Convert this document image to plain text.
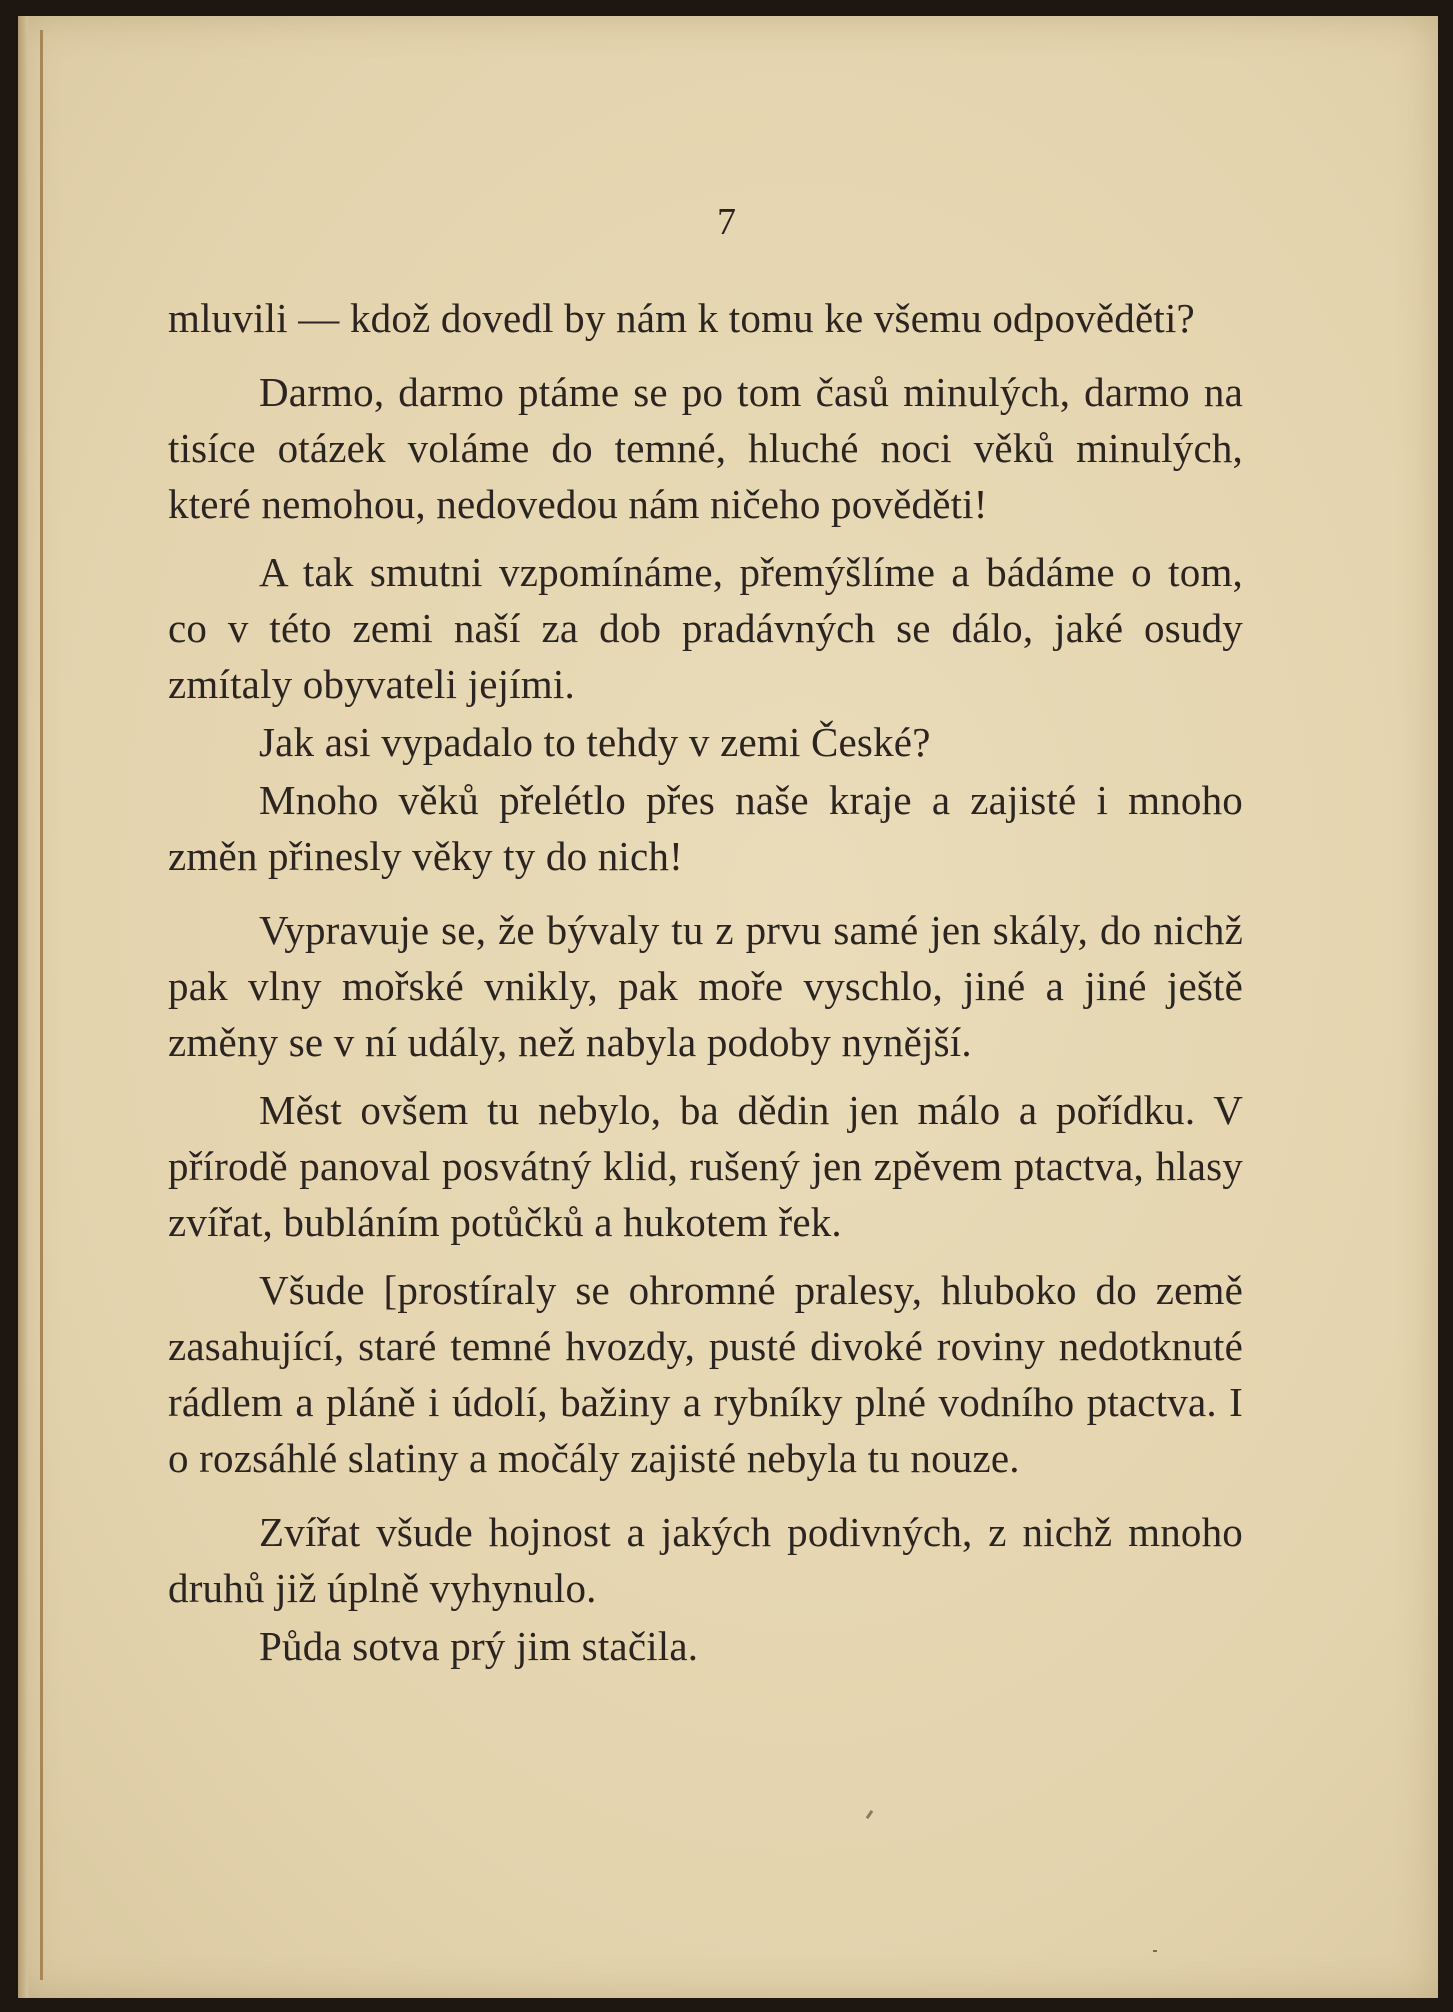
7

mluvili — kdož dovedl by nám k tomu ke všemu odpověděti?

Darmo, darmo ptáme se po tom časů minulých, darmo na tisíce otázek voláme do temné, hluché noci věků minulých, které nemohou, nedovedou nám ničeho pověděti!

A tak smutni vzpomínáme, přemýšlíme a bádáme o tom, co v této zemi naší za dob pradávných se dálo, jaké osudy zmítaly obyvateli jejími.

Jak asi vypadalo to tehdy v zemi České?

Mnoho věků přelétlo přes naše kraje a zajisté i mnoho změn přinesly věky ty do nich!

Vypravuje se, že bývaly tu z prvu samé jen skály, do nichž pak vlny mořské vnikly, pak moře vyschlo, jiné a jiné ještě změny se v ní udály, než nabyla podoby nynější.

Měst ovšem tu nebylo, ba dědin jen málo a pořídku. V přírodě panoval posvátný klid, rušený jen zpěvem ptactva, hlasy zvířat, bubláním potůčků a hukotem řek.

Všude [prostíraly se ohromné pralesy, hluboko do země zasahující, staré temné hvozdy, pusté divoké roviny nedotknuté rádlem a pláně i údolí, bažiny a rybníky plné vodního ptactva. I o rozsáhlé slatiny a močály zajisté nebyla tu nouze.

Zvířat všude hojnost a jakých podivných, z nichž mnoho druhů již úplně vyhynulo.

Půda sotva prý jim stačila.
